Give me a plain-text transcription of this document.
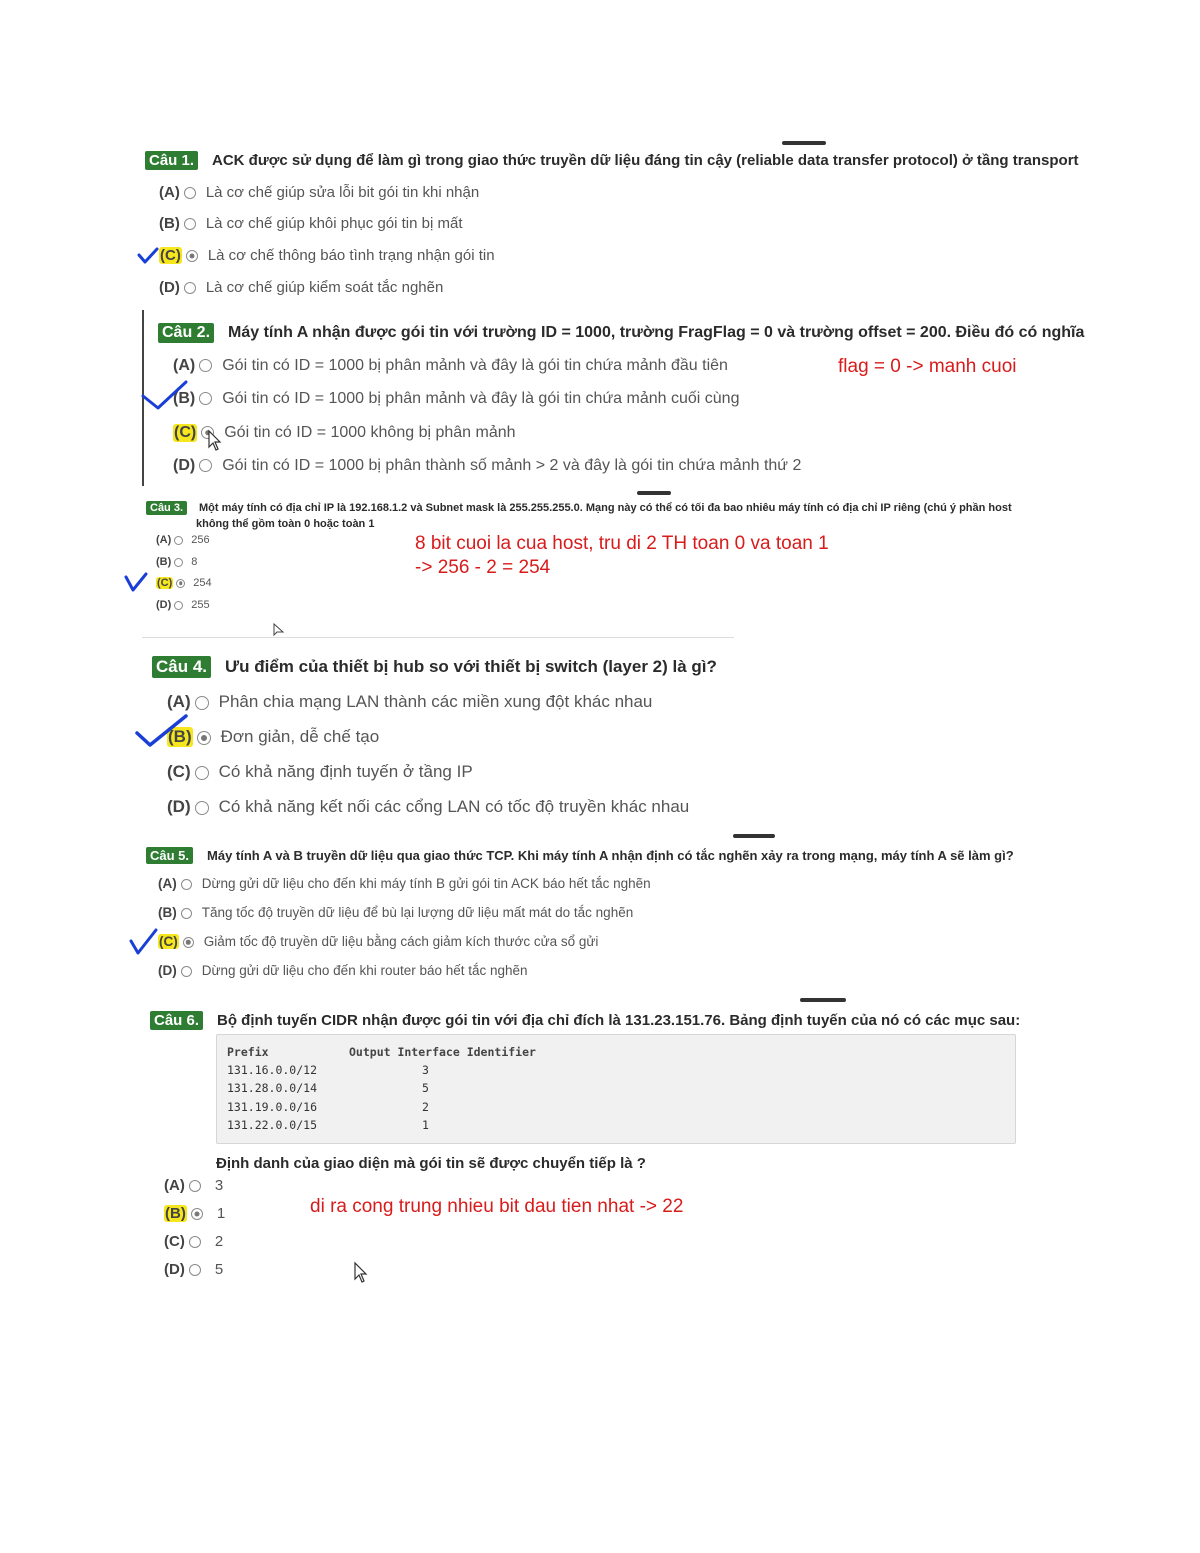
Câu 1. ACK được sử dụng để làm gì trong giao thức truyền dữ liệu đáng tin cậy (reliable data transfer protocol) ở tầng transport
(A) Là cơ chế giúp sửa lỗi bit gói tin khi nhận
(B) Là cơ chế giúp khôi phục gói tin bị mất
(C) Là cơ chế thông báo tình trạng nhận gói tin
(D) Là cơ chế giúp kiểm soát tắc nghẽn
Câu 2. Máy tính A nhận được gói tin với trường ID = 1000, trường FragFlag = 0 và trường offset = 200. Điều đó có nghĩa
(A) Gói tin có ID = 1000 bị phân mảnh và đây là gói tin chứa mảnh đầu tiên
(B) Gói tin có ID = 1000 bị phân mảnh và đây là gói tin chứa mảnh cuối cùng
(C) Gói tin có ID = 1000 không bị phân mảnh
(D) Gói tin có ID = 1000 bị phân thành số mảnh > 2 và đây là gói tin chứa mảnh thứ 2
flag = 0 -> manh cuoi
Câu 3. Một máy tính có địa chỉ IP là 192.168.1.2 và Subnet mask là 255.255.255.0. Mạng này có thể có tối đa bao nhiêu máy tính có địa chỉ IP riêng (chú ý phần host
không thể gồm toàn 0 hoặc toàn 1
(A) 256
(B) 8
(C) 254
(D) 255
8 bit cuoi la cua host, tru di 2 TH toan 0 va toan 1
-> 256 - 2 = 254
Câu 4. Ưu điểm của thiết bị hub so với thiết bị switch (layer 2) là gì?
(A) Phân chia mạng LAN thành các miền xung đột khác nhau
(B) Đơn giản, dễ chế tạo
(C) Có khả năng định tuyến ở tầng IP
(D) Có khả năng kết nối các cổng LAN có tốc độ truyền khác nhau
Câu 5. Máy tính A và B truyền dữ liệu qua giao thức TCP. Khi máy tính A nhận định có tắc nghẽn xảy ra trong mạng, máy tính A sẽ làm gì?
(A) Dừng gửi dữ liệu cho đến khi máy tính B gửi gói tin ACK báo hết tắc nghẽn
(B) Tăng tốc độ truyền dữ liệu để bù lại lượng dữ liệu mất mát do tắc nghẽn
(C) Giảm tốc độ truyền dữ liệu bằng cách giảm kích thước cửa sổ gửi
(D) Dừng gửi dữ liệu cho đến khi router báo hết tắc nghẽn
Câu 6. Bộ định tuyến CIDR nhận được gói tin với địa chỉ đích là 131.23.151.76. Bảng định tuyến của nó có các mục sau:
Prefix	Output Interface Identifier
131.16.0.0/12	3
131.28.0.0/14	5
131.19.0.0/16	2
131.22.0.0/15	1
Định danh của giao diện mà gói tin sẽ được chuyển tiếp là ?
(A) 3
(B) 1
(C) 2
(D) 5
di ra cong trung nhieu bit dau tien nhat -> 22
